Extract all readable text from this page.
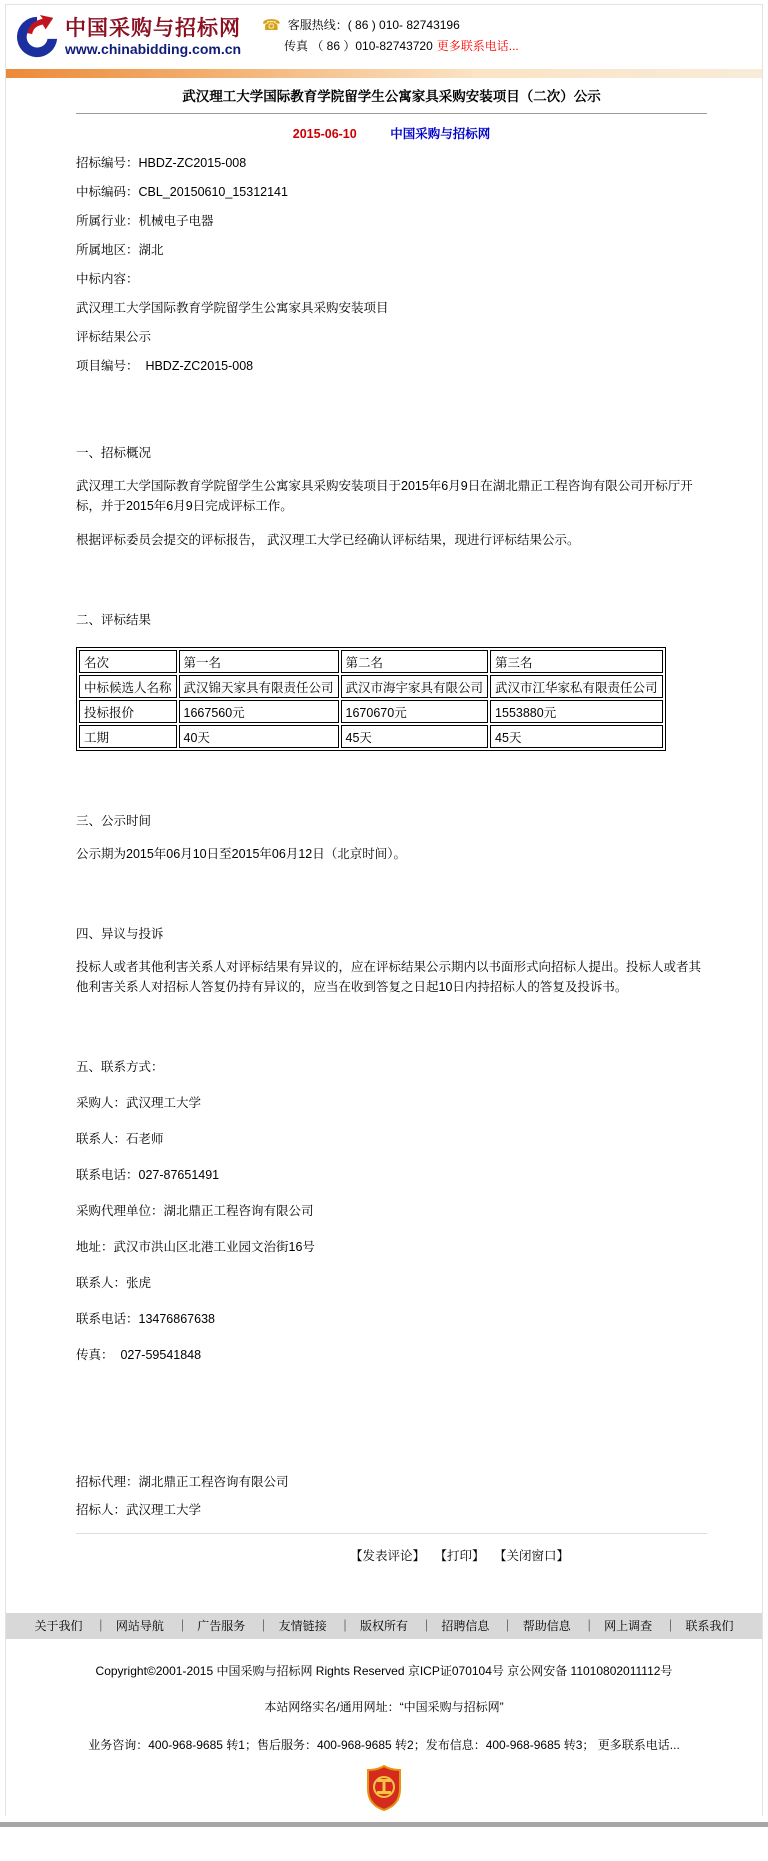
中国采购与招标网
www.chinabidding.com.cn
☎ 客服热线：( 86 ) 010- 82743196
传真 （ 86 ）010-82743720 更多联系电话...

武汉理工大学国际教育学院留学生公寓家具采购安装项目（二次）公示

2015-06-10	中国采购与招标网

招标编号：HBDZ-ZC2015-008

中标编码：CBL_20150610_15312141

所属行业：机械电子电器

所属地区：湖北

中标内容：

武汉理工大学国际教育学院留学生公寓家具采购安装项目

评标结果公示

项目编号：  HBDZ-ZC2015-008

一、招标概况

武汉理工大学国际教育学院留学生公寓家具采购安装项目于2015年6月9日在湖北鼎正工程咨询有限公司开标厅开标，并于2015年6月9日完成评标工作。

根据评标委员会提交的评标报告， 武汉理工大学已经确认评标结果，现进行评标结果公示。

二、评标结果

名次	第一名	第二名	第三名
中标候选人名称	武汉锦天家具有限责任公司	武汉市海宇家具有限公司	武汉市江华家私有限责任公司
投标报价	1667560元	1670670元	1553880元
工期	40天	45天	45天

三、公示时间

公示期为2015年06月10日至2015年06月12日（北京时间）。

四、异议与投诉

投标人或者其他利害关系人对评标结果有异议的，应在评标结果公示期内以书面形式向招标人提出。投标人或者其他利害关系人对招标人答复仍持有异议的，应当在收到答复之日起10日内持招标人的答复及投诉书。

五、联系方式：

采购人：武汉理工大学

联系人：石老师

联系电话：027-87651491

采购代理单位：湖北鼎正工程咨询有限公司

地址：武汉市洪山区北港工业园文治街16号

联系人：张虎

联系电话：13476867638

传真：  027-59541848

招标代理：湖北鼎正工程咨询有限公司

招标人：武汉理工大学

【发表评论】 【打印】 【关闭窗口】
关于我们	｜ 网站导航	｜ 广告服务	｜ 友情链接	｜ 版权所有	｜ 招聘信息	｜ 帮助信息	｜ 网上调查	｜ 联系我们
Copyright©2001-2015 中国采购与招标网 Rights Reserved 京ICP证070104号 京公网安备 11010802011112号
本站网络实名/通用网址：“中国采购与招标网”
业务咨询：400-968-9685 转1；售后服务：400-968-9685 转2；发布信息：400-968-9685 转3； 更多联系电话...
